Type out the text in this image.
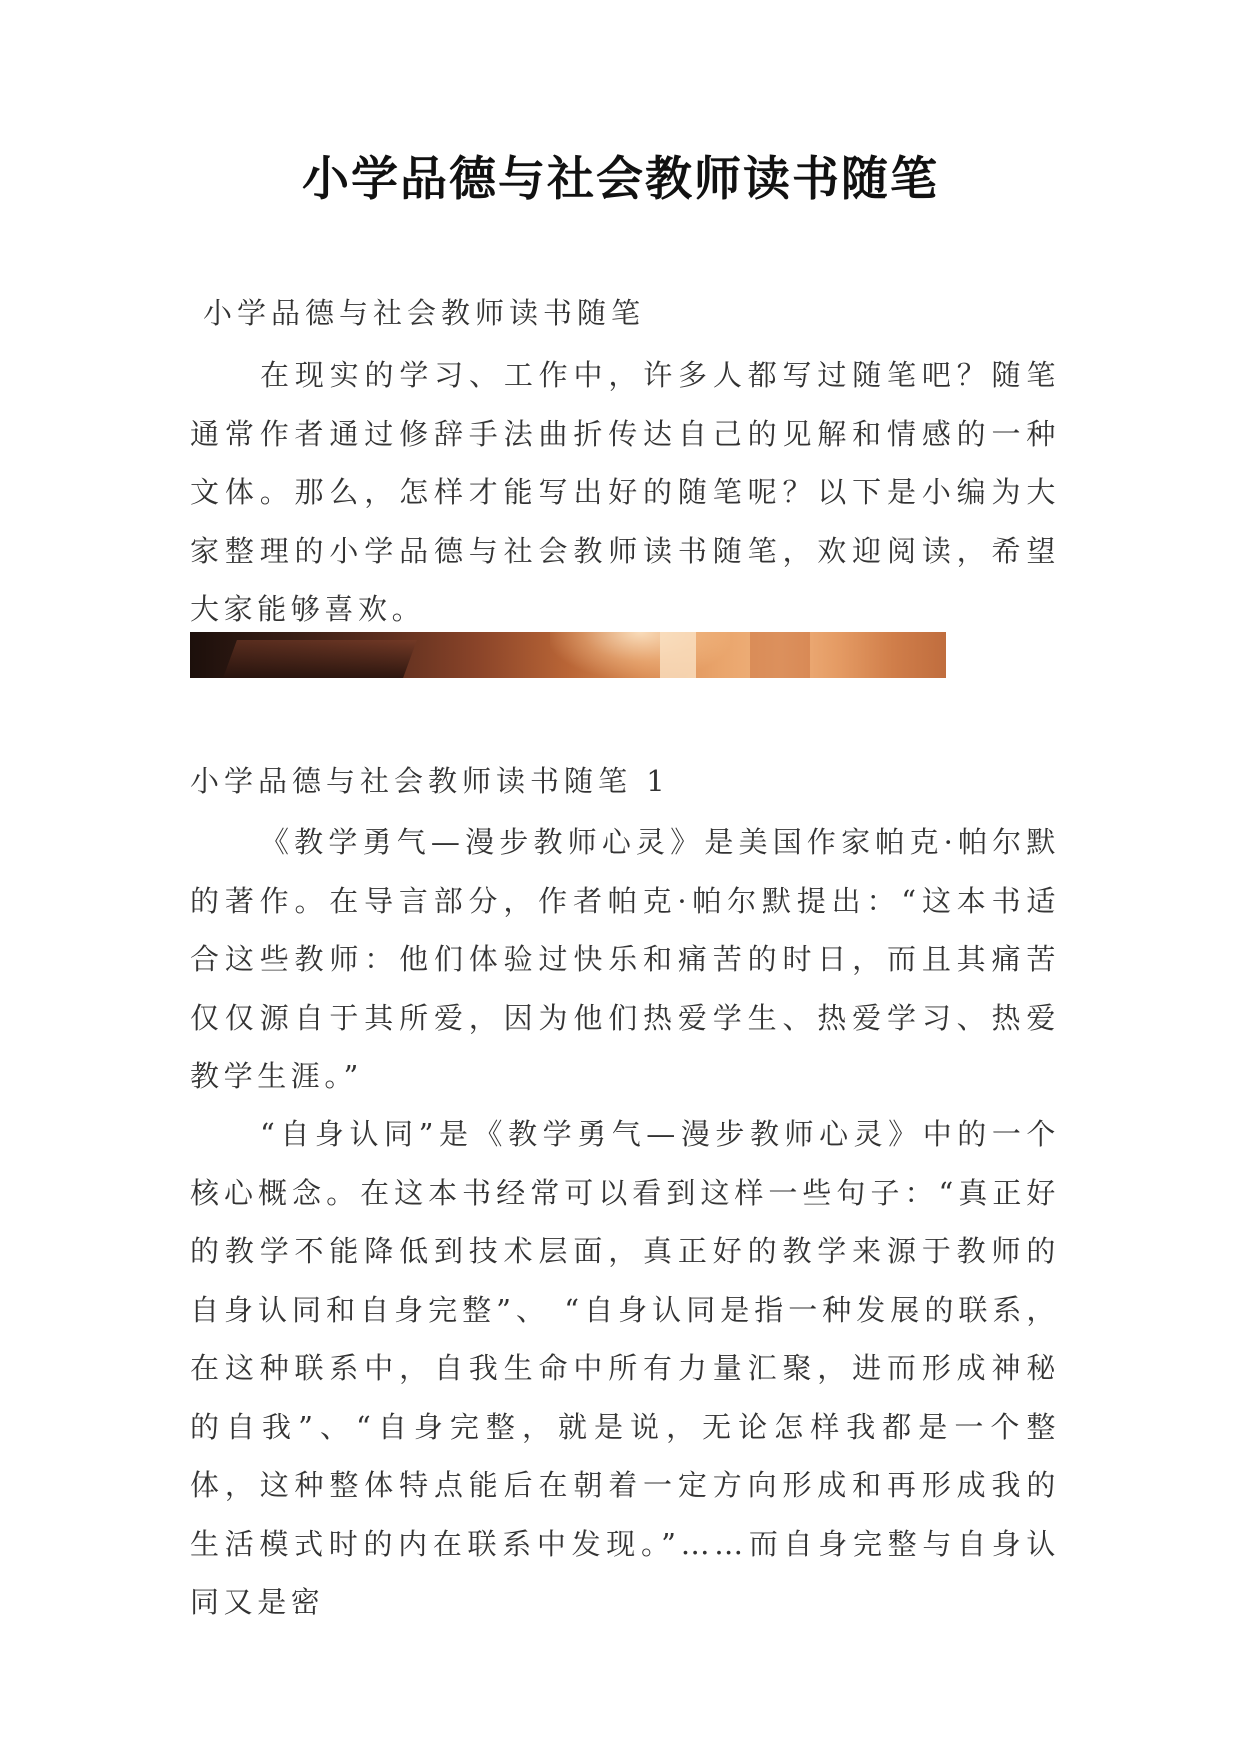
小学品德与社会教师读书随笔

小学品德与社会教师读书随笔

在现实的学习、工作中，许多人都写过随笔吧？随笔通常作者通过修辞手法曲折传达自己的见解和情感的一种文体。那么，怎样才能写出好的随笔呢？以下是小编为大家整理的小学品德与社会教师读书随笔，欢迎阅读，希望大家能够喜欢。

小学品德与社会教师读书随笔 1

《教学勇气—漫步教师心灵》是美国作家帕克·帕尔默的著作。在导言部分，作者帕克·帕尔默提出：“这本书适合这些教师：他们体验过快乐和痛苦的时日，而且其痛苦仅仅源自于其所爱，因为他们热爱学生、热爱学习、热爱教学生涯。”

“自身认同”是《教学勇气—漫步教师心灵》中的一个核心概念。在这本书经常可以看到这样一些句子：“真正好的教学不能降低到技术层面，真正好的教学来源于教师的自身认同和自身完整”、 “自身认同是指一种发展的联系，在这种联系中，自我生命中所有力量汇聚，进而形成神秘的自我”、“自身完整，就是说，无论怎样我都是一个整体，这种整体特点能后在朝着一定方向形成和再形成我的生活模式时的内在联系中发现。”……而自身完整与自身认同又是密
